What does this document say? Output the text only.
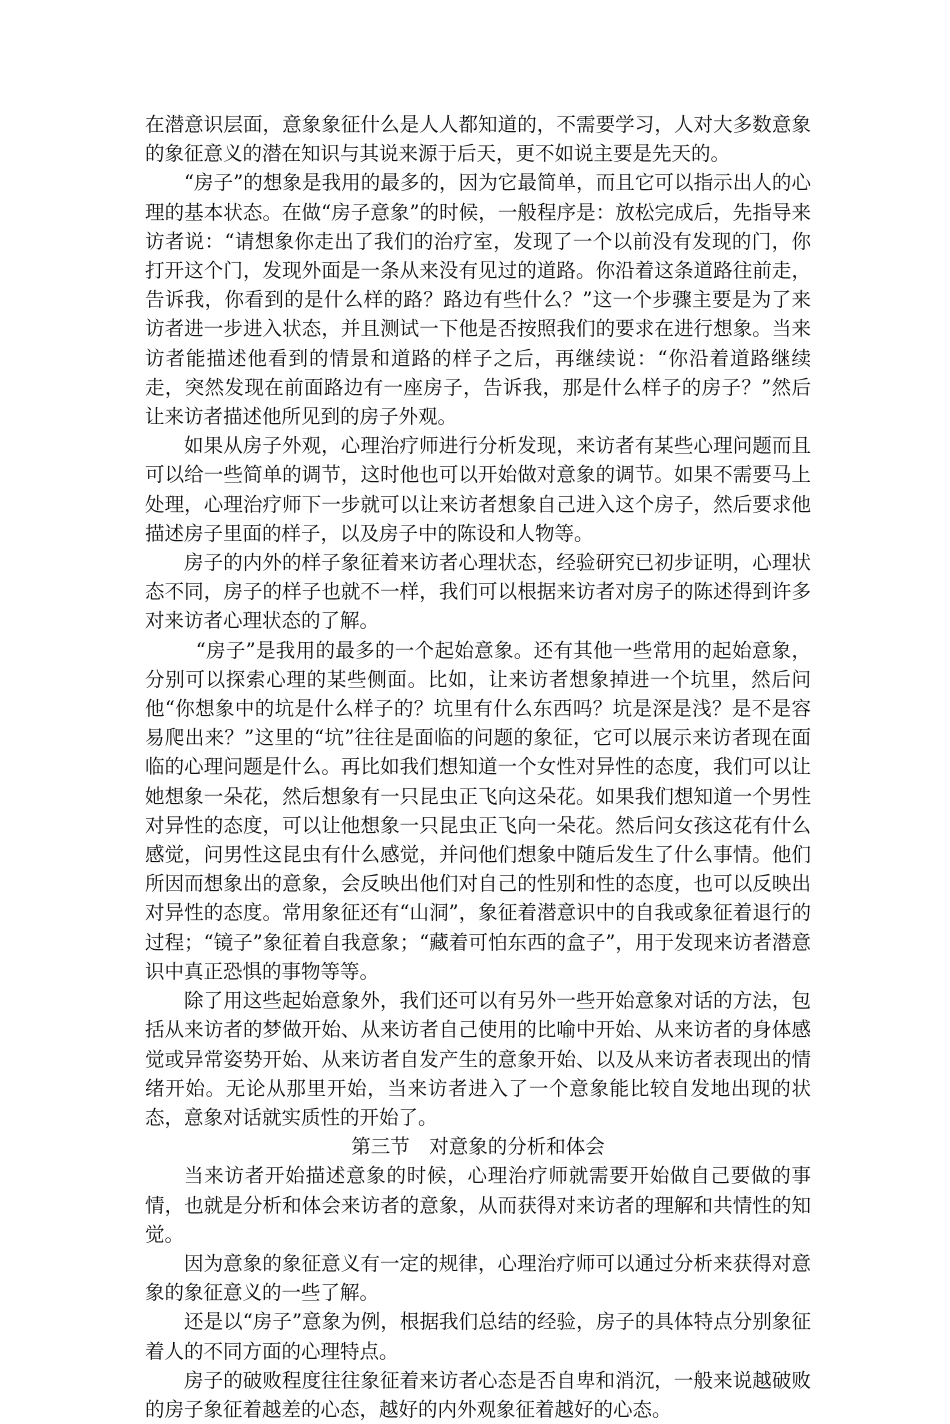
在潜意识层面，意象象征什么是人人都知道的，不需要学习，人对大多数意象的象征意义的潜在知识与其说来源于后天，更不如说主要是先天的。

“房子”的想象是我用的最多的，因为它最简单，而且它可以指示出人的心理的基本状态。在做“房子意象”的时候，一般程序是：放松完成后，先指导来访者说：“请想象你走出了我们的治疗室，发现了一个以前没有发现的门，你打开这个门，发现外面是一条从来没有见过的道路。你沿着这条道路往前走，告诉我，你看到的是什么样的路？路边有些什么？”这一个步骤主要是为了来访者进一步进入状态，并且测试一下他是否按照我们的要求在进行想象。当来访者能描述他看到的情景和道路的样子之后，再继续说：“你沿着道路继续走，突然发现在前面路边有一座房子，告诉我，那是什么样子的房子？”然后让来访者描述他所见到的房子外观。

如果从房子外观，心理治疗师进行分析发现，来访者有某些心理问题而且可以给一些简单的调节，这时他也可以开始做对意象的调节。如果不需要马上处理，心理治疗师下一步就可以让来访者想象自己进入这个房子，然后要求他描述房子里面的样子，以及房子中的陈设和人物等。

房子的内外的样子象征着来访者心理状态，经验研究已初步证明，心理状态不同，房子的样子也就不一样，我们可以根据来访者对房子的陈述得到许多对来访者心理状态的了解。

“房子”是我用的最多的一个起始意象。还有其他一些常用的起始意象，分别可以探索心理的某些侧面。比如，让来访者想象掉进一个坑里，然后问他“你想象中的坑是什么样子的？坑里有什么东西吗？坑是深是浅？是不是容易爬出来？”这里的“坑”往往是面临的问题的象征，它可以展示来访者现在面临的心理问题是什么。再比如我们想知道一个女性对异性的态度，我们可以让她想象一朵花，然后想象有一只昆虫正飞向这朵花。如果我们想知道一个男性对异性的态度，可以让他想象一只昆虫正飞向一朵花。然后问女孩这花有什么感觉，问男性这昆虫有什么感觉，并问他们想象中随后发生了什么事情。他们所因而想象出的意象，会反映出他们对自己的性别和性的态度，也可以反映出对异性的态度。常用象征还有“山洞”，象征着潜意识中的自我或象征着退行的过程；“镜子”象征着自我意象；“藏着可怕东西的盒子”，用于发现来访者潜意识中真正恐惧的事物等等。

除了用这些起始意象外，我们还可以有另外一些开始意象对话的方法，包括从来访者的梦做开始、从来访者自己使用的比喻中开始、从来访者的身体感觉或异常姿势开始、从来访者自发产生的意象开始、以及从来访者表现出的情绪开始。无论从那里开始，当来访者进入了一个意象能比较自发地出现的状态，意象对话就实质性的开始了。

第三节　对意象的分析和体会

当来访者开始描述意象的时候，心理治疗师就需要开始做自己要做的事情，也就是分析和体会来访者的意象，从而获得对来访者的理解和共情性的知觉。

因为意象的象征意义有一定的规律，心理治疗师可以通过分析来获得对意象的象征意义的一些了解。

还是以“房子”意象为例，根据我们总结的经验，房子的具体特点分别象征着人的不同方面的心理特点。

房子的破败程度往往象征着来访者心态是否自卑和消沉，一般来说越破败的房子象征着越差的心态，越好的内外观象征着越好的心态。
